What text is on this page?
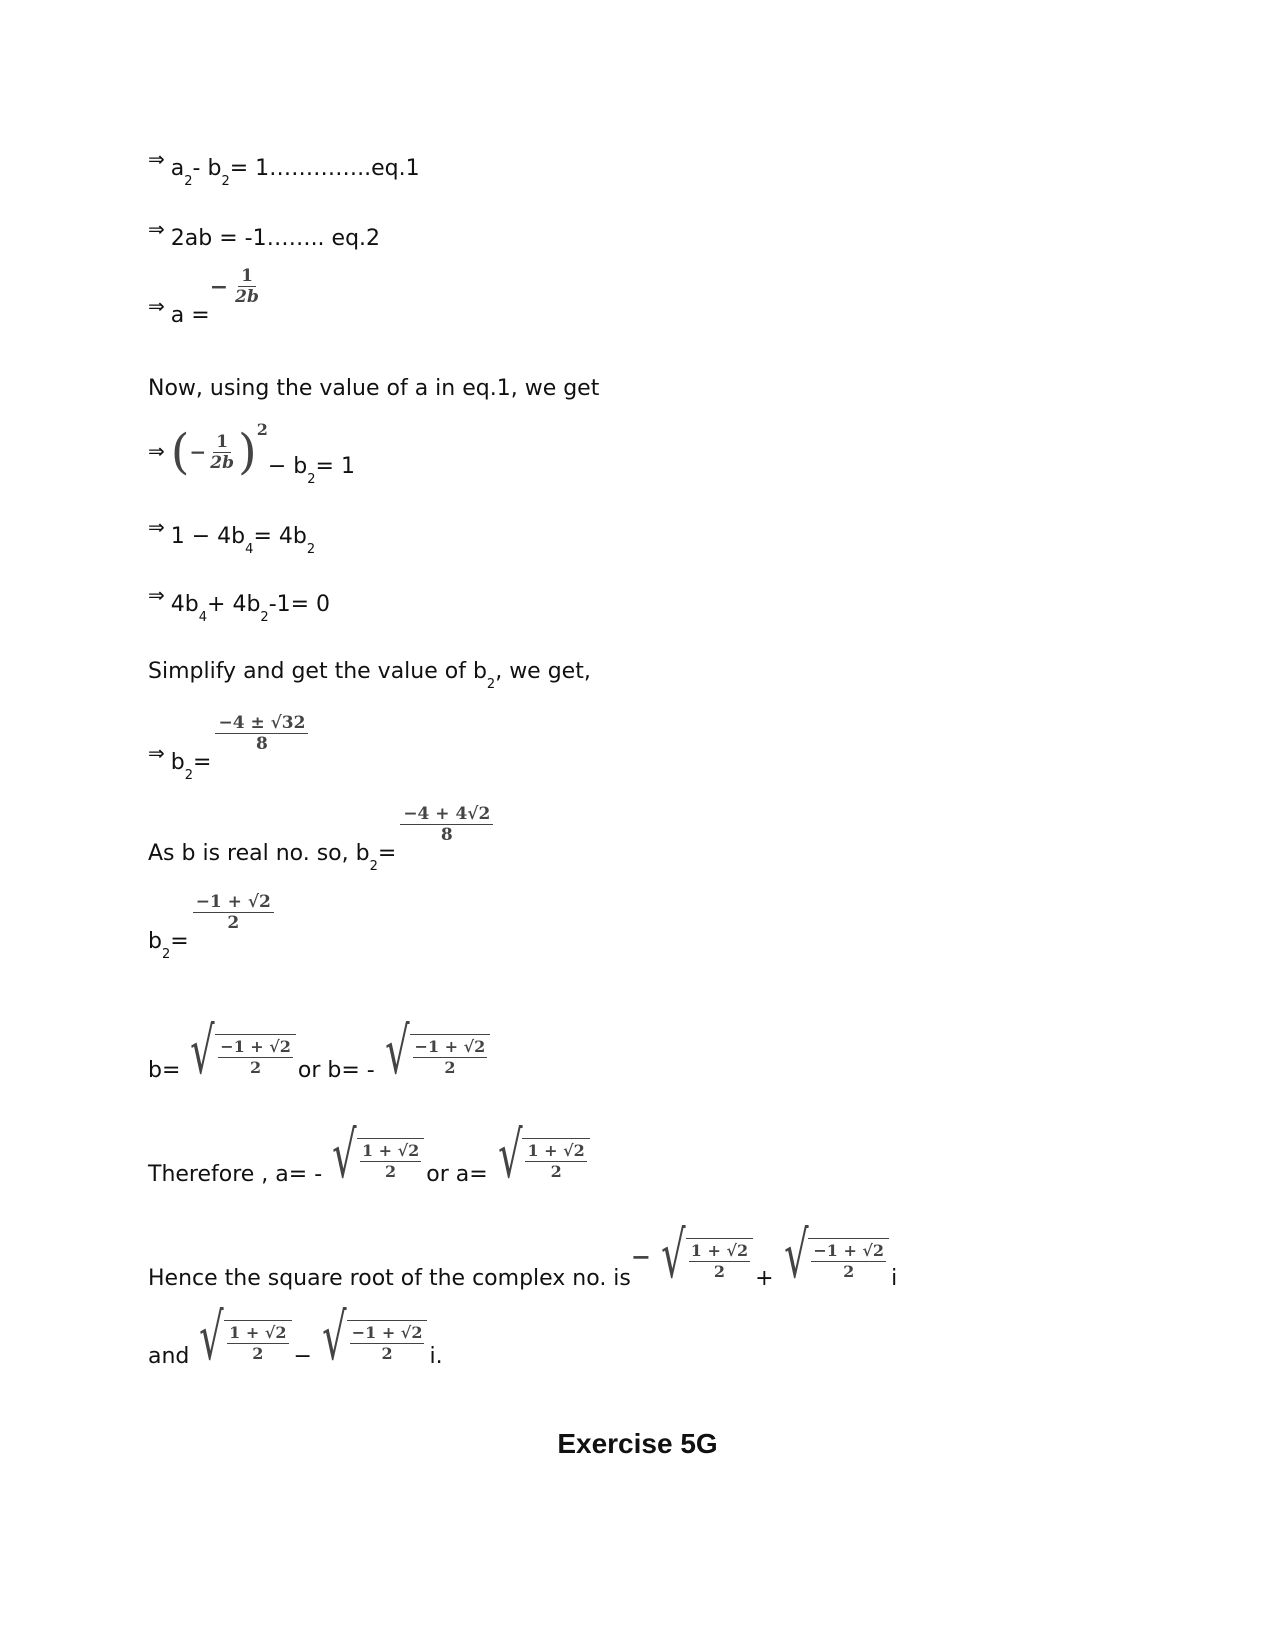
⇒ a
2
- b
2
= 1…………..eq.1
⇒ 2ab = -1…….. eq.2
⇒ a =
− $\frac{1}{2b}$
Now, using the value of a in eq.1, we get
⇒ ( − $\frac{1}{2b}$ ) 2
− b
2
= 1
⇒ 1 − 4b
4
= 4b
2
⇒ 4b
4
+ 4b
2
-1= 0
Simplify and get the value of b
2
, we get,
⇒ b
2
=
$\frac{-4 \pm √32}{8}$
As b is real no. so, b
2
=
$\frac{-4 + 4√2}{8}$
b
2
=
$\frac{-1 + √2}{2}$
b= √ $\frac{-1 + √2}{2}$ or b= - √ $\frac{-1 + √2}{2}$
Therefore , a= - √ $\frac{1 + √2}{2}$ or a= √ $\frac{1 + √2}{2}$
Hence the square root of the complex no. is
− √ $\frac{1 + √2}{2}$ + √ $\frac{-1 + √2}{2}$ i
and √ $\frac{1 + √2}{2}$ − √ $\frac{-1 + √2}{2} i$.
Exercise 5G
